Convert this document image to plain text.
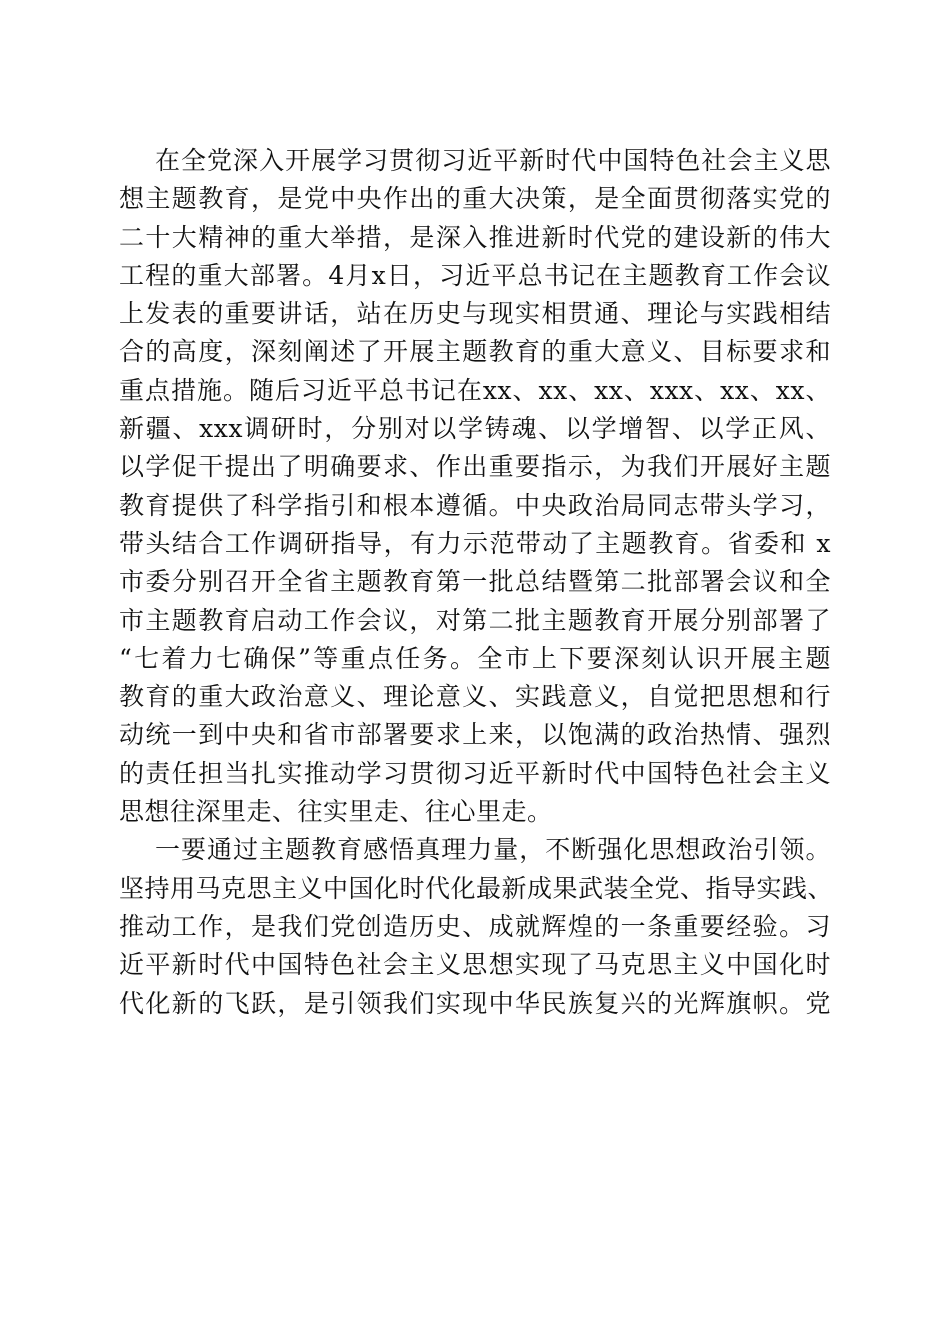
在全党深入开展学习贯彻习近平新时代中国特色社会主义思
想主题教育，是党中央作出的重大决策，是全面贯彻落实党的
二十大精神的重大举措，是深入推进新时代党的建设新的伟大
工程的重大部署。4月x日，习近平总书记在主题教育工作会议
上发表的重要讲话，站在历史与现实相贯通、理论与实践相结
合的高度，深刻阐述了开展主题教育的重大意义、目标要求和
重点措施。随后习近平总书记在xx、xx、xx、xxx、xx、xx、
新疆、xxx调研时，分别对以学铸魂、以学增智、以学正风、
以学促干提出了明确要求、作出重要指示，为我们开展好主题
教育提供了科学指引和根本遵循。中央政治局同志带头学习，
带头结合工作调研指导，有力示范带动了主题教育。省委和 x
市委分别召开全省主题教育第一批总结暨第二批部署会议和全
市主题教育启动工作会议，对第二批主题教育开展分别部署了
“七着力七确保”等重点任务。全市上下要深刻认识开展主题
教育的重大政治意义、理论意义、实践意义，自觉把思想和行
动统一到中央和省市部署要求上来，以饱满的政治热情、强烈
的责任担当扎实推动学习贯彻习近平新时代中国特色社会主义
思想往深里走、往实里走、往心里走。
一要通过主题教育感悟真理力量，不断强化思想政治引领。
坚持用马克思主义中国化时代化最新成果武装全党、指导实践、
推动工作，是我们党创造历史、成就辉煌的一条重要经验。习
近平新时代中国特色社会主义思想实现了马克思主义中国化时
代化新的飞跃，是引领我们实现中华民族复兴的光辉旗帜。党
